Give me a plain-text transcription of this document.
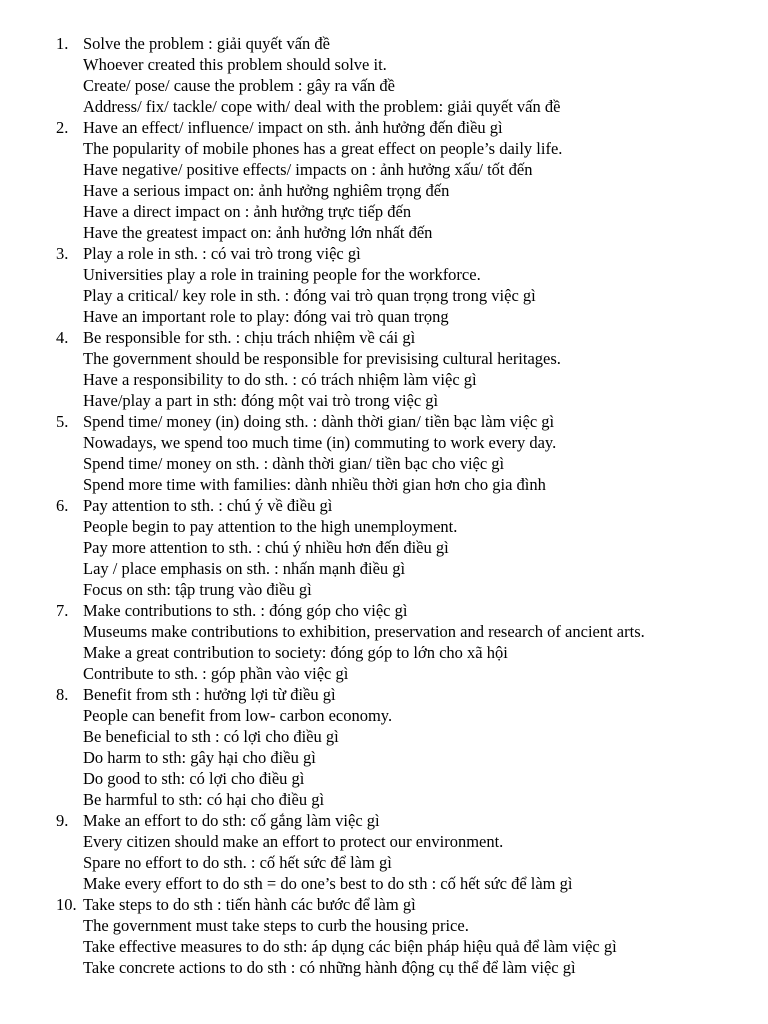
1. Solve the problem : giải quyết vấn đề
Whoever created this problem should solve it.
Create/ pose/ cause the problem : gây ra vấn đề
Address/ fix/ tackle/ cope with/ deal with the problem: giải quyết vấn đề
2. Have an effect/ influence/ impact on sth. ảnh hưởng đến điều gì
The popularity of mobile phones has a great effect on people’s daily life.
Have negative/ positive effects/ impacts on : ảnh hưởng xấu/ tốt đến
Have a serious impact on: ảnh hưởng nghiêm trọng đến
Have a direct impact on : ảnh hưởng trực tiếp đến
Have the greatest impact on: ảnh hưởng lớn nhất đến
3. Play a role in sth. : có vai trò trong việc gì
Universities play a role in training people for the workforce.
Play a critical/ key role in sth. : đóng vai trò quan trọng trong việc gì
Have an important role to play: đóng vai trò quan trọng
4. Be responsible for sth. : chịu trách nhiệm về cái gì
The government should be responsible for previsising cultural heritages.
Have a responsibility to do sth. : có trách nhiệm làm việc gì
Have/play a part in sth: đóng một vai trò trong việc gì
5. Spend time/ money (in) doing sth. : dành thời gian/ tiền bạc làm việc gì
Nowadays, we spend too much time (in) commuting to work every day.
Spend time/ money on sth. : dành thời gian/ tiền bạc cho việc gì
Spend more time with families: dành nhiều thời gian hơn cho gia đình
6. Pay attention to sth. : chú ý về điều gì
People begin to pay attention to the high unemployment.
Pay more attention to sth. : chú ý nhiều hơn đến điều gì
Lay / place emphasis on sth. : nhấn mạnh điều gì
Focus on sth: tập trung vào điều gì
7. Make contributions to sth. : đóng góp cho việc gì
Museums make contributions to exhibition, preservation and research of ancient arts.
Make a great contribution to society: đóng góp to lớn cho xã hội
Contribute to sth. : góp phần vào việc gì
8. Benefit from sth : hưởng lợi từ điều gì
People can benefit from low- carbon economy.
Be beneficial to sth : có lợi cho điều gì
Do harm to sth: gây hại cho điều gì
Do good to sth: có lợi cho điều gì
Be harmful to sth: có hại cho điều gì
9. Make an effort to do sth: cố gắng làm việc gì
Every citizen should make an effort to protect our environment.
Spare no effort to do sth. : cố hết sức để làm gì
Make every effort to do sth = do one’s best to do sth : cố hết sức để làm gì
10. Take steps to do sth : tiến hành các bước để làm gì
The government must take steps to curb the housing price.
Take effective measures to do sth: áp dụng các biện pháp hiệu quả để làm việc gì
Take concrete actions to do sth : có những hành động cụ thể để làm việc gì
